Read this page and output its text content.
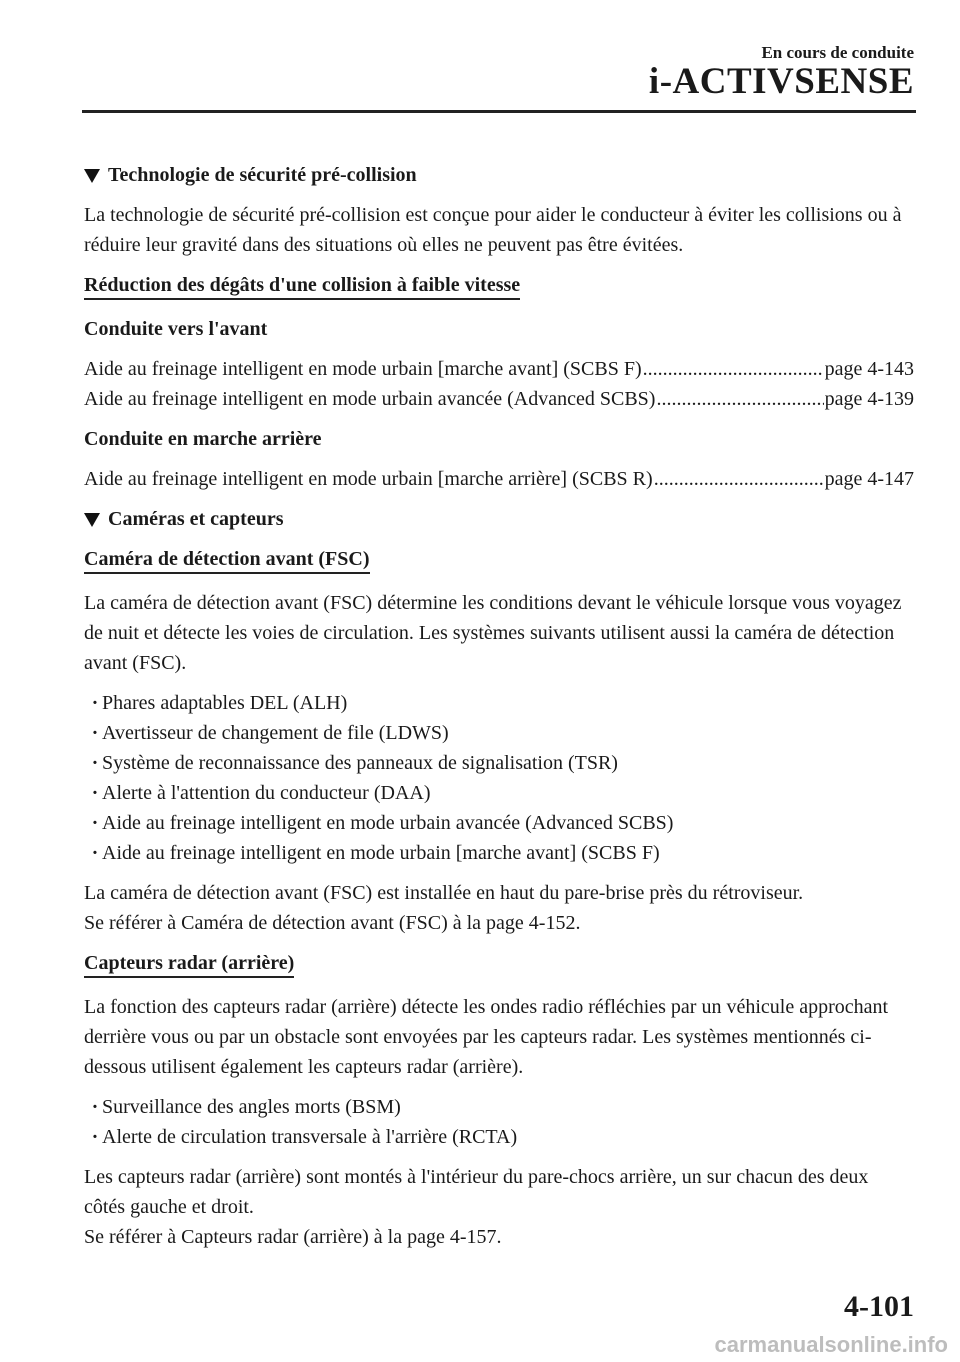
En cours de conduite
i-ACTIVSENSE
Technologie de sécurité pré-collision

La technologie de sécurité pré-collision est conçue pour aider le conducteur à éviter les collisions ou à réduire leur gravité dans des situations où elles ne peuvent pas être évitées.

Réduction des dégâts d'une collision à faible vitesse
Conduite vers l'avant
Aide au freinage intelligent en mode urbain [marche avant] (SCBS F) .....	page 4-143
Aide au freinage intelligent en mode urbain avancée (Advanced SCBS) .....	page 4-139
Conduite en marche arrière
Aide au freinage intelligent en mode urbain [marche arrière] (SCBS R) .....	page 4-147
Caméras et capteurs
Caméra de détection avant (FSC)

La caméra de détection avant (FSC) détermine les conditions devant le véhicule lorsque vous voyagez de nuit et détecte les voies de circulation. Les systèmes suivants utilisent aussi la caméra de détection avant (FSC).

· Phares adaptables DEL (ALH)
· Avertisseur de changement de file (LDWS)
· Système de reconnaissance des panneaux de signalisation (TSR)
· Alerte à l'attention du conducteur (DAA)
· Aide au freinage intelligent en mode urbain avancée (Advanced SCBS)
· Aide au freinage intelligent en mode urbain [marche avant] (SCBS F)

La caméra de détection avant (FSC) est installée en haut du pare-brise près du rétroviseur.

Se référer à Caméra de détection avant (FSC) à la page 4-152.

Capteurs radar (arrière)

La fonction des capteurs radar (arrière) détecte les ondes radio réfléchies par un véhicule approchant derrière vous ou par un obstacle sont envoyées par les capteurs radar. Les systèmes mentionnés ci-dessous utilisent également les capteurs radar (arrière).

· Surveillance des angles morts (BSM)
· Alerte de circulation transversale à l'arrière (RCTA)

Les capteurs radar (arrière) sont montés à l'intérieur du pare-chocs arrière, un sur chacun des deux côtés gauche et droit.

Se référer à Capteurs radar (arrière) à la page 4-157.

4-101
carmanualsonline.info
